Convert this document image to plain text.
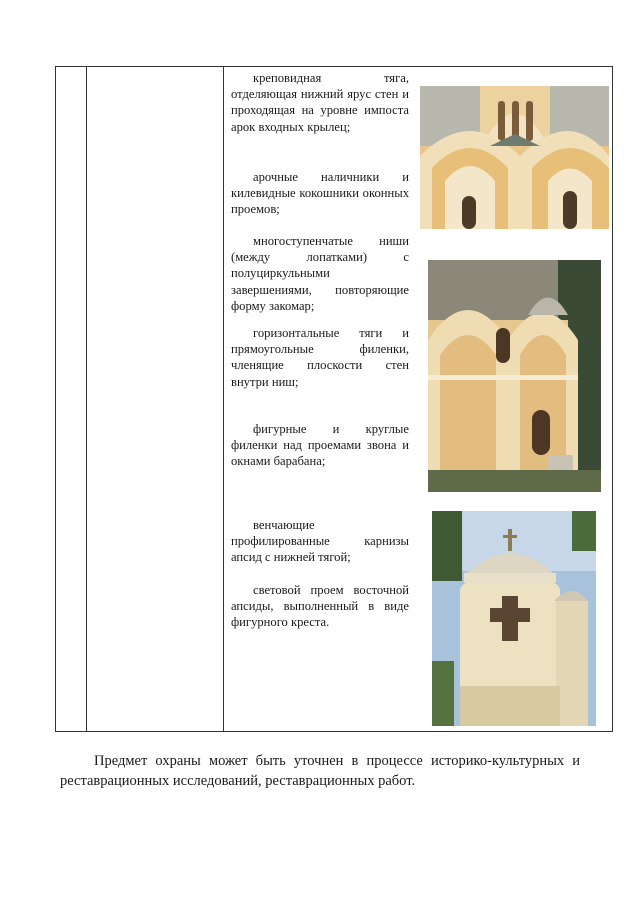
креповидная тяга, отделяющая нижний ярус стен и проходящая на уровне импоста арок входных крылец;

арочные наличники и килевидные кокошники оконных проемов;

многоступенчатые ниши (между лопатками) с полуциркульными завершениями, повторяющие форму закомар;

горизонтальные тяги и прямоугольные филенки, членящие плоскости стен внутри ниш;

фигурные и круглые филенки над проемами звона и окнами барабана;

венчающие профилированные карнизы апсид с нижней тягой;

световой проем восточной апсиды, выполненный в виде фигурного креста.

Предмет охраны может быть уточнен в процессе историко-культурных и реставрационных исследований, реставрационных работ.
